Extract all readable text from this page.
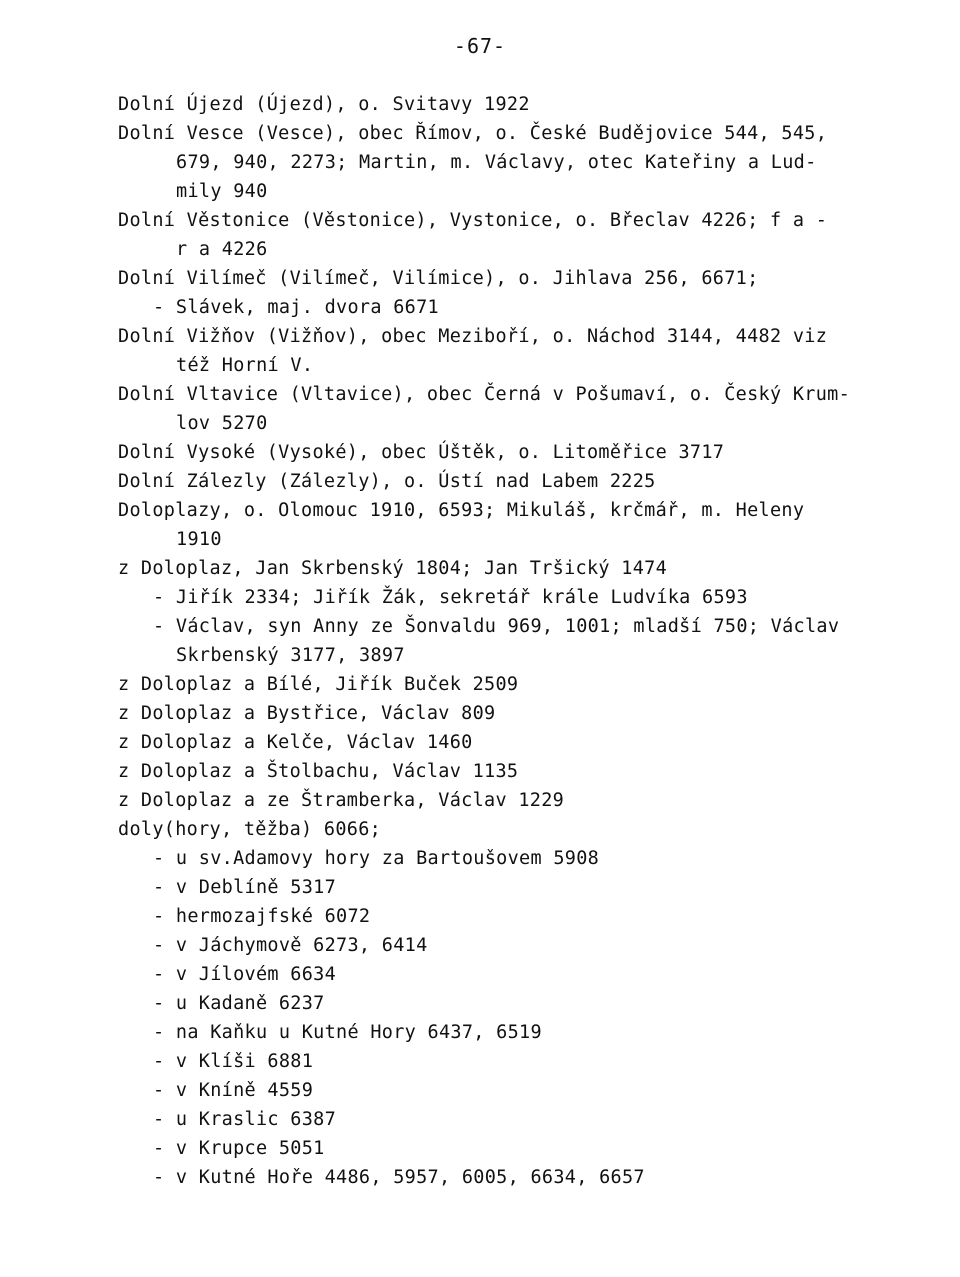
-67-
Dolní Újezd (Újezd), o. Svitavy 1922
Dolní Vesce (Vesce), obec Římov, o. České Budějovice 544, 545,
679, 940, 2273; Martin, m. Václavy, otec Kateřiny a Lud-
mily 940
Dolní Věstonice (Věstonice), Vystonice, o. Břeclav 4226; f a -
r a 4226
Dolní Vilímeč (Vilímeč, Vilímice), o. Jihlava 256, 6671;
- Slávek, maj. dvora 6671
Dolní Vižňov (Vižňov), obec Meziboří, o. Náchod 3144, 4482 viz
též Horní V.
Dolní Vltavice (Vltavice), obec Černá v Pošumaví, o. Český Krum-
lov 5270
Dolní Vysoké (Vysoké), obec Úštěk, o. Litoměřice 3717
Dolní Zálezly (Zálezly), o. Ústí nad Labem 2225
Doloplazy, o. Olomouc 1910, 6593; Mikuláš, krčmář, m. Heleny
1910
z Doloplaz, Jan Skrbenský 1804; Jan Tršický 1474
- Jiřík 2334; Jiřík Žák, sekretář krále Ludvíka 6593
- Václav, syn Anny ze Šonvaldu 969, 1001; mladší 750; Václav
Skrbenský 3177, 3897
z Doloplaz a Bílé, Jiřík Buček 2509
z Doloplaz a Bystřice, Václav 809
z Doloplaz a Kelče, Václav 1460
z Doloplaz a Štolbachu, Václav 1135
z Doloplaz a ze Štramberka, Václav 1229
doly(hory, těžba) 6066;
- u sv.Adamovy hory za Bartoušovem 5908
- v Deblíně 5317
- hermozajfské 6072
- v Jáchymově 6273, 6414
- v Jílovém 6634
- u Kadaně 6237
- na Kaňku u Kutné Hory 6437, 6519
- v Klíši 6881
- v Kníně 4559
- u Kraslic 6387
- v Krupce 5051
- v Kutné Hoře 4486, 5957, 6005, 6634, 6657
